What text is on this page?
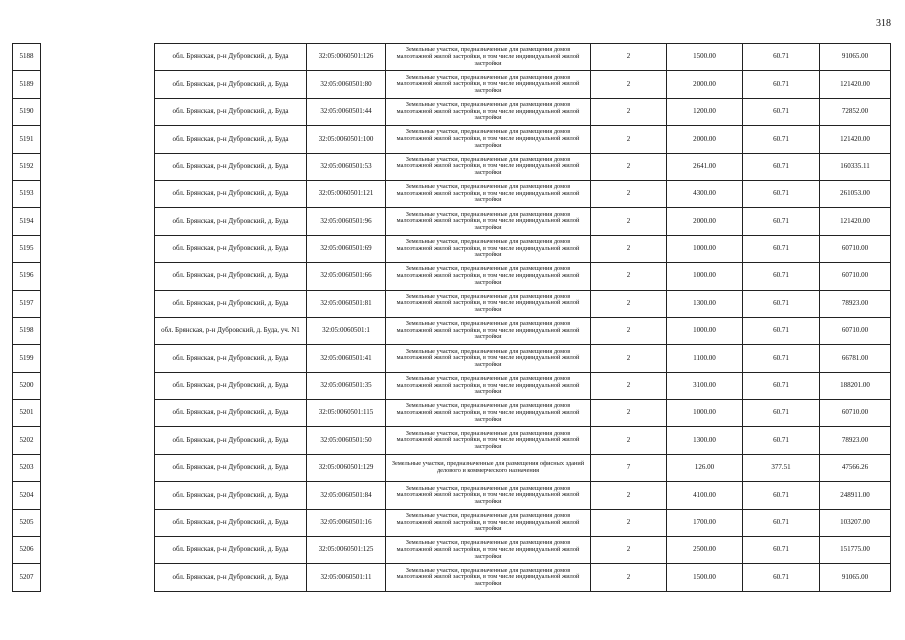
318
5188		обл. Брянская, р-н Дубровский, д. Буда	32:05:0060501:126	Земельные участки, предназначенные для размещения домов малоэтажной жилой застройки, в том числе индивидуальной жилой застройки	2	1500.00	60.71	91065.00
5189		обл. Брянская, р-н Дубровский, д. Буда	32:05:0060501:80	Земельные участки, предназначенные для размещения домов малоэтажной жилой застройки, в том числе индивидуальной жилой застройки	2	2000.00	60.71	121420.00
5190		обл. Брянская, р-н Дубровский, д. Буда	32:05:0060501:44	Земельные участки, предназначенные для размещения домов малоэтажной жилой застройки, в том числе индивидуальной жилой застройки	2	1200.00	60.71	72852.00
5191		обл. Брянская, р-н Дубровский, д. Буда	32:05:0060501:100	Земельные участки, предназначенные для размещения домов малоэтажной жилой застройки, в том числе индивидуальной жилой застройки	2	2000.00	60.71	121420.00
5192		обл. Брянская, р-н Дубровский, д. Буда	32:05:0060501:53	Земельные участки, предназначенные для размещения домов малоэтажной жилой застройки, в том числе индивидуальной жилой застройки	2	2641.00	60.71	160335.11
5193		обл. Брянская, р-н Дубровский, д. Буда	32:05:0060501:121	Земельные участки, предназначенные для размещения домов малоэтажной жилой застройки, в том числе индивидуальной жилой застройки	2	4300.00	60.71	261053.00
5194		обл. Брянская, р-н Дубровский, д. Буда	32:05:0060501:96	Земельные участки, предназначенные для размещения домов малоэтажной жилой застройки, в том числе индивидуальной жилой застройки	2	2000.00	60.71	121420.00
5195		обл. Брянская, р-н Дубровский, д. Буда	32:05:0060501:69	Земельные участки, предназначенные для размещения домов малоэтажной жилой застройки, в том числе индивидуальной жилой застройки	2	1000.00	60.71	60710.00
5196		обл. Брянская, р-н Дубровский, д. Буда	32:05:0060501:66	Земельные участки, предназначенные для размещения домов малоэтажной жилой застройки, в том числе индивидуальной жилой застройки	2	1000.00	60.71	60710.00
5197		обл. Брянская, р-н Дубровский, д. Буда	32:05:0060501:81	Земельные участки, предназначенные для размещения домов малоэтажной жилой застройки, в том числе индивидуальной жилой застройки	2	1300.00	60.71	78923.00
5198		обл. Брянская, р-н Дубровский, д. Буда, уч. N1	32:05:0060501:1	Земельные участки, предназначенные для размещения домов малоэтажной жилой застройки, в том числе индивидуальной жилой застройки	2	1000.00	60.71	60710.00
5199		обл. Брянская, р-н Дубровский, д. Буда	32:05:0060501:41	Земельные участки, предназначенные для размещения домов малоэтажной жилой застройки, в том числе индивидуальной жилой застройки	2	1100.00	60.71	66781.00
5200		обл. Брянская, р-н Дубровский, д. Буда	32:05:0060501:35	Земельные участки, предназначенные для размещения домов малоэтажной жилой застройки, в том числе индивидуальной жилой застройки	2	3100.00	60.71	188201.00
5201		обл. Брянская, р-н Дубровский, д. Буда	32:05:0060501:115	Земельные участки, предназначенные для размещения домов малоэтажной жилой застройки, в том числе индивидуальной жилой застройки	2	1000.00	60.71	60710.00
5202		обл. Брянская, р-н Дубровский, д. Буда	32:05:0060501:50	Земельные участки, предназначенные для размещения домов малоэтажной жилой застройки, в том числе индивидуальной жилой застройки	2	1300.00	60.71	78923.00
5203		обл. Брянская, р-н Дубровский, д. Буда	32:05:0060501:129	Земельные участки, предназначенные для размещения офисных зданий делового и коммерческого назначения	7	126.00	377.51	47566.26
5204		обл. Брянская, р-н Дубровский, д. Буда	32:05:0060501:84	Земельные участки, предназначенные для размещения домов малоэтажной жилой застройки, в том числе индивидуальной жилой застройки	2	4100.00	60.71	248911.00
5205		обл. Брянская, р-н Дубровский, д. Буда	32:05:0060501:16	Земельные участки, предназначенные для размещения домов малоэтажной жилой застройки, в том числе индивидуальной жилой застройки	2	1700.00	60.71	103207.00
5206		обл. Брянская, р-н Дубровский, д. Буда	32:05:0060501:125	Земельные участки, предназначенные для размещения домов малоэтажной жилой застройки, в том числе индивидуальной жилой застройки	2	2500.00	60.71	151775.00
5207		обл. Брянская, р-н Дубровский, д. Буда	32:05:0060501:11	Земельные участки, предназначенные для размещения домов малоэтажной жилой застройки, в том числе индивидуальной жилой застройки	2	1500.00	60.71	91065.00
